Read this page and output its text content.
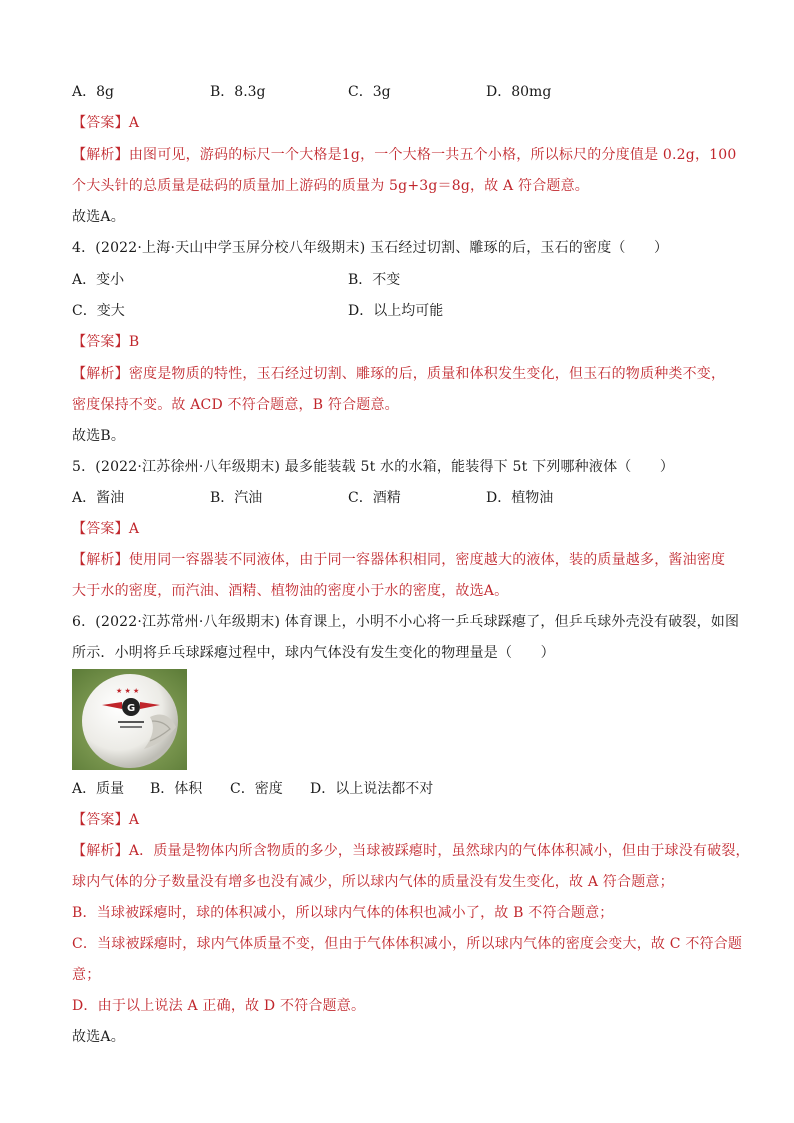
A．8g	B．8.3g	C．3g	D．80mg
【答案】A
【解析】由图可见，游码的标尺一个大格是1g，一个大格一共五个小格，所以标尺的分度值是 0.2g，100
个大头针的总质量是砝码的质量加上游码的质量为 5g+3g＝8g，故 A 符合题意。
故选A。
4．(2022·上海·天山中学玉屏分校八年级期末) 玉石经过切割、雕琢的后，玉石的密度（　　）
A．变小	B．不变
C．变大	D．以上均可能
【答案】B
【解析】密度是物质的特性，玉石经过切割、雕琢的后，质量和体积发生变化，但玉石的物质种类不变，
密度保持不变。故 ACD 不符合题意，B 符合题意。
故选B。
5．(2022·江苏徐州·八年级期末) 最多能装载 5t 水的水箱，能装得下 5t 下列哪种液体（　　）
A．酱油	B．汽油	C．酒精	D．植物油
【答案】A
【解析】使用同一容器装不同液体，由于同一容器体积相同，密度越大的液体，装的质量越多，酱油密度
大于水的密度，而汽油、酒精、植物油的密度小于水的密度，故选A。
6．(2022·江苏常州·八年级期末) 体育课上，小明不小心将一乒乓球踩瘪了，但乒乓球外壳没有破裂，如图
所示．小明将乒乓球踩瘪过程中，球内气体没有发生变化的物理量是（　　）
★ ★ ★
G
A．质量 B．体积 C．密度 D．以上说法都不对
【答案】A
【解析】A．质量是物体内所含物质的多少，当球被踩瘪时，虽然球内的气体体积减小，但由于球没有破裂，
球内气体的分子数量没有增多也没有减少，所以球内气体的质量没有发生变化，故 A 符合题意；
B．当球被踩瘪时，球的体积减小，所以球内气体的体积也减小了，故 B 不符合题意；
C．当球被踩瘪时，球内气体质量不变，但由于气体体积减小，所以球内气体的密度会变大，故 C 不符合题
意；
D．由于以上说法 A 正确，故 D 不符合题意。
故选A。
